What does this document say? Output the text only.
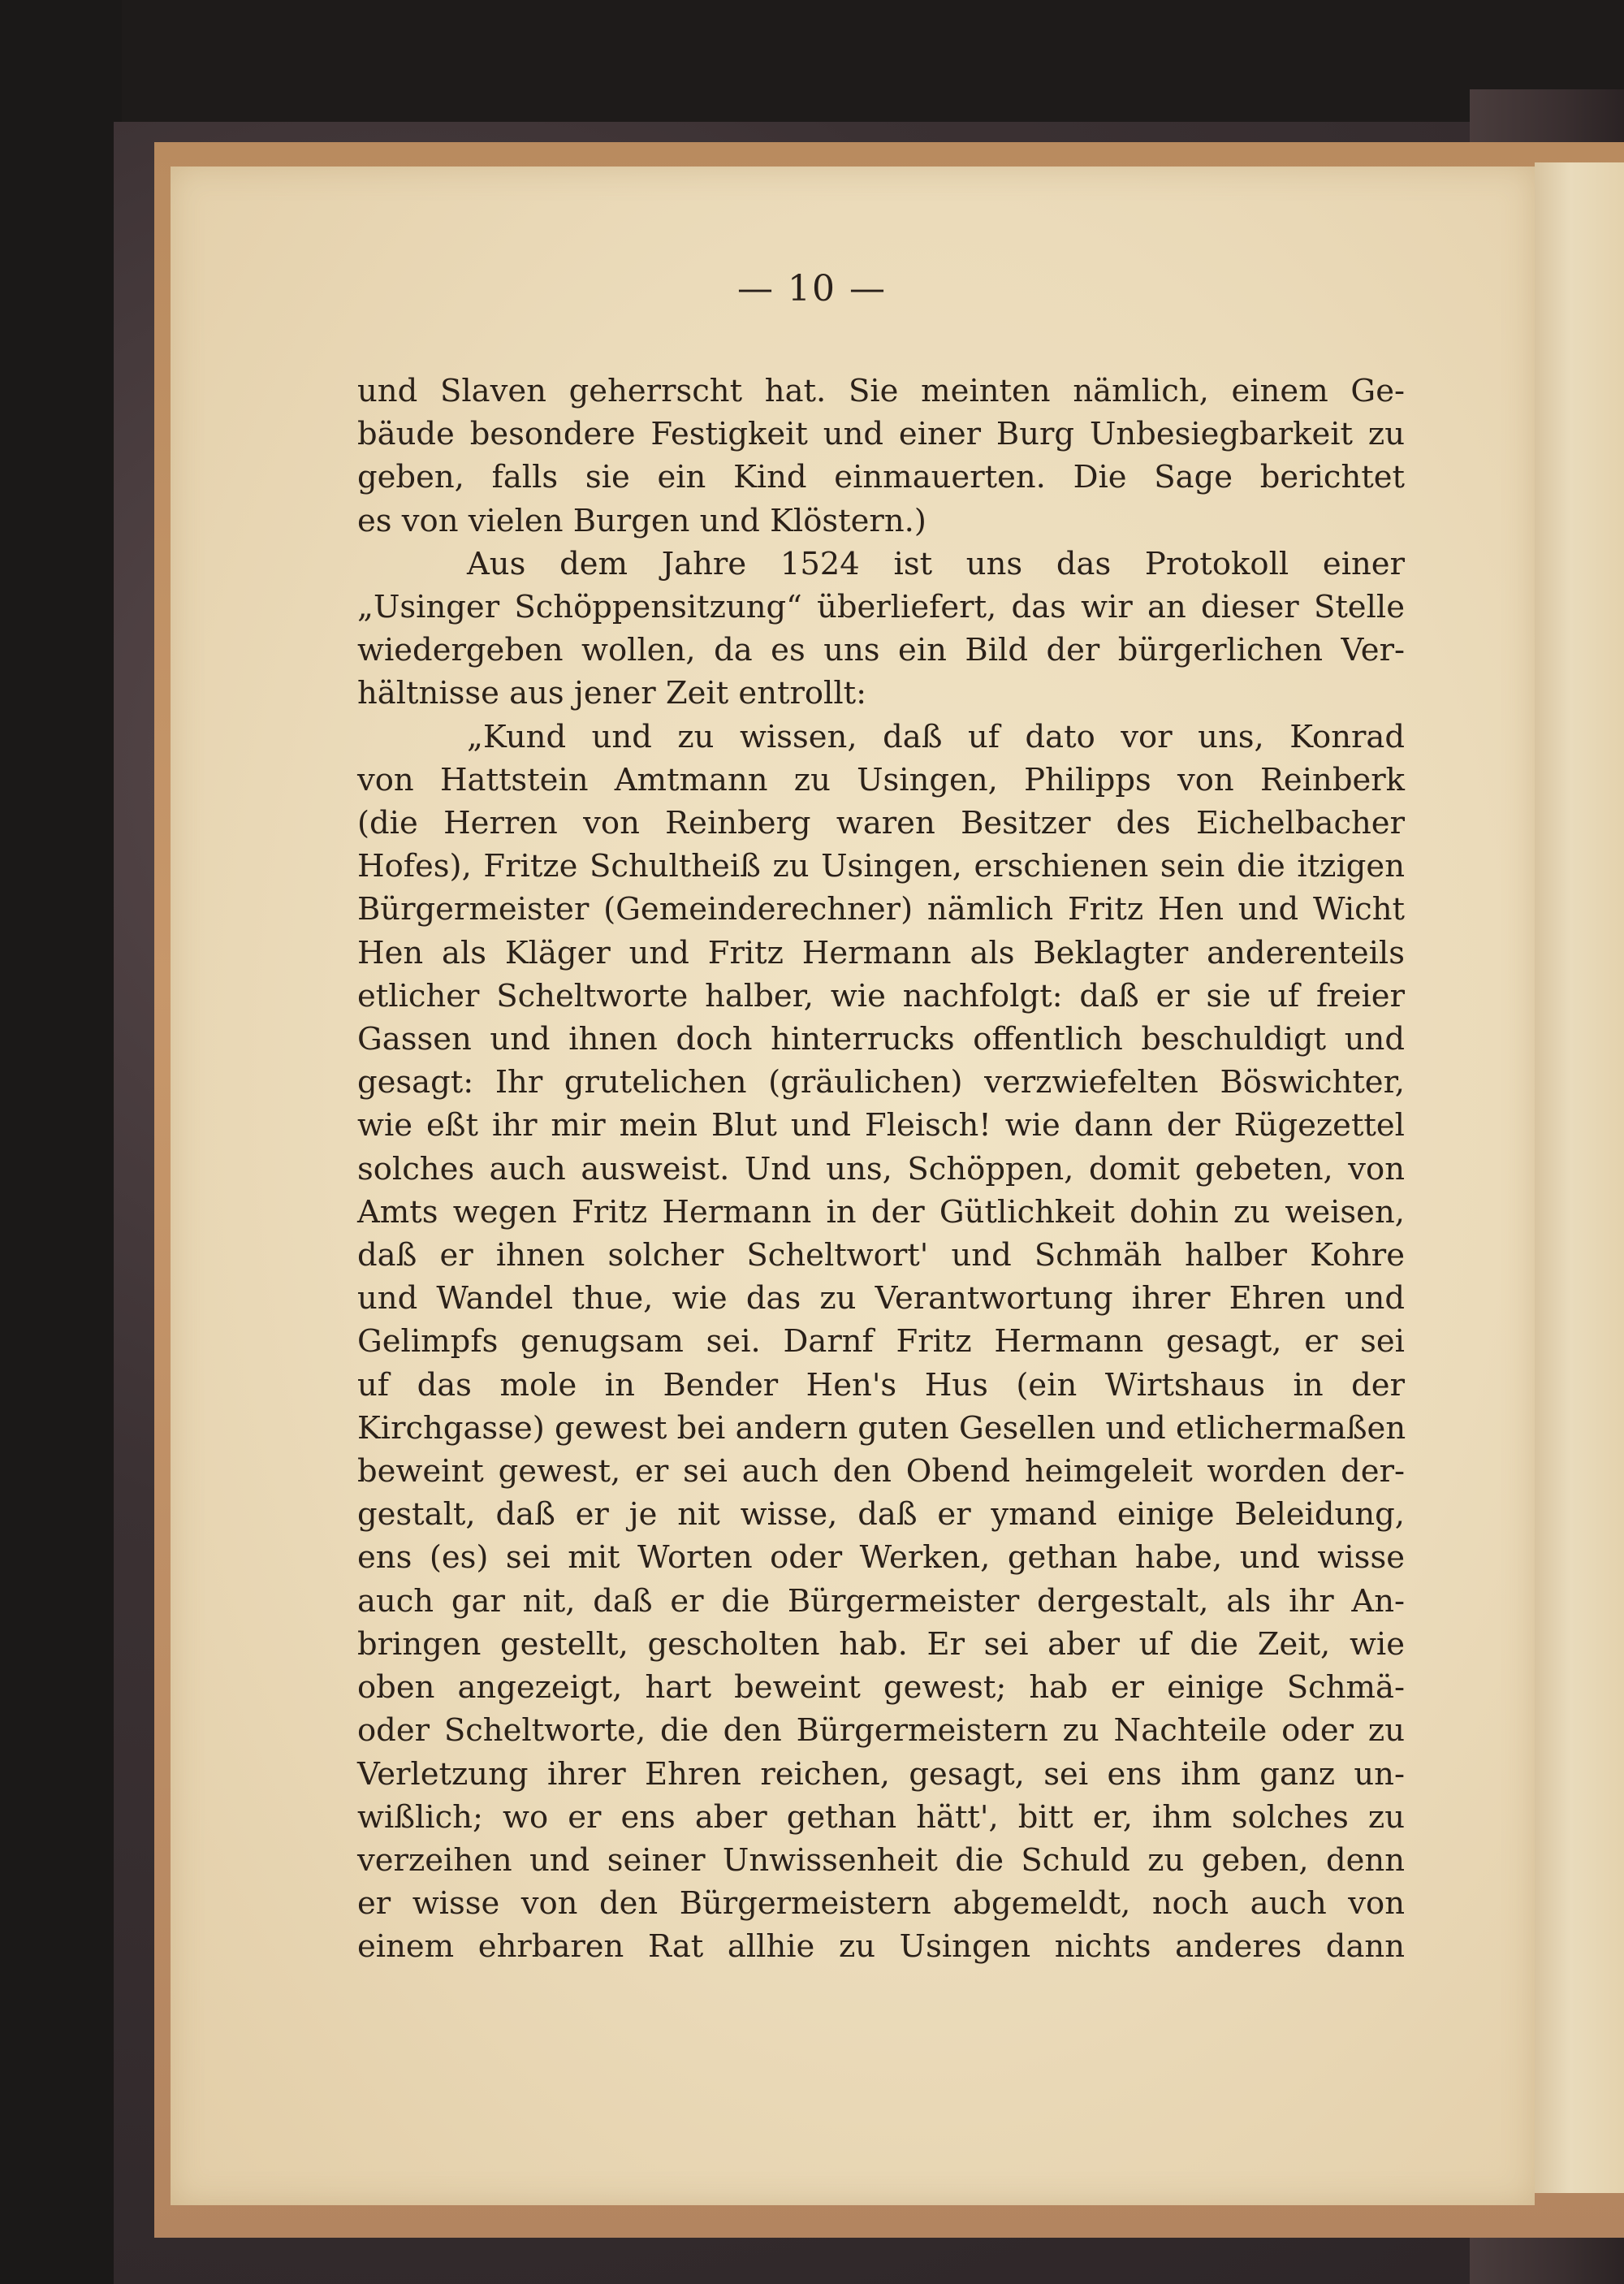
— 10 —
und Slaven geherrscht hat. Sie meinten nämlich, einem Ge-
bäude besondere Festigkeit und einer Burg Unbesiegbarkeit zu
geben, falls sie ein Kind einmauerten. Die Sage berichtet
es von vielen Burgen und Klöstern.)
Aus dem Jahre 1524 ist uns das Protokoll einer
„Usinger Schöppensitzung“ überliefert, das wir an dieser Stelle
wiedergeben wollen, da es uns ein Bild der bürgerlichen Ver-
hältnisse aus jener Zeit entrollt:
„Kund und zu wissen, daß uf dato vor uns, Konrad
von Hattstein Amtmann zu Usingen, Philipps von Reinberk
(die Herren von Reinberg waren Besitzer des Eichelbacher
Hofes), Fritze Schultheiß zu Usingen, erschienen sein die itzigen
Bürgermeister (Gemeinderechner) nämlich Fritz Hen und Wicht
Hen als Kläger und Fritz Hermann als Beklagter anderenteils
etlicher Scheltworte halber, wie nachfolgt: daß er sie uf freier
Gassen und ihnen doch hinterrucks offentlich beschuldigt und
gesagt: Ihr grutelichen (gräulichen) verzwiefelten Böswichter,
wie eßt ihr mir mein Blut und Fleisch! wie dann der Rügezettel
solches auch ausweist. Und uns, Schöppen, domit gebeten, von
Amts wegen Fritz Hermann in der Gütlichkeit dohin zu weisen,
daß er ihnen solcher Scheltwort' und Schmäh halber Kohre
und Wandel thue, wie das zu Verantwortung ihrer Ehren und
Gelimpfs genugsam sei. Darnf Fritz Hermann gesagt, er sei
uf das mole in Bender Hen's Hus (ein Wirtshaus in der
Kirchgasse) gewest bei andern guten Gesellen und etlichermaßen
beweint gewest, er sei auch den Obend heimgeleit worden der-
gestalt, daß er je nit wisse, daß er ymand einige Beleidung,
ens (es) sei mit Worten oder Werken, gethan habe, und wisse
auch gar nit, daß er die Bürgermeister dergestalt, als ihr An-
bringen gestellt, gescholten hab. Er sei aber uf die Zeit, wie
oben angezeigt, hart beweint gewest; hab er einige Schmä-
oder Scheltworte, die den Bürgermeistern zu Nachteile oder zu
Verletzung ihrer Ehren reichen, gesagt, sei ens ihm ganz un-
wißlich; wo er ens aber gethan hätt', bitt er, ihm solches zu
verzeihen und seiner Unwissenheit die Schuld zu geben, denn
er wisse von den Bürgermeistern abgemeldt, noch auch von
einem ehrbaren Rat allhie zu Usingen nichts anderes dann
